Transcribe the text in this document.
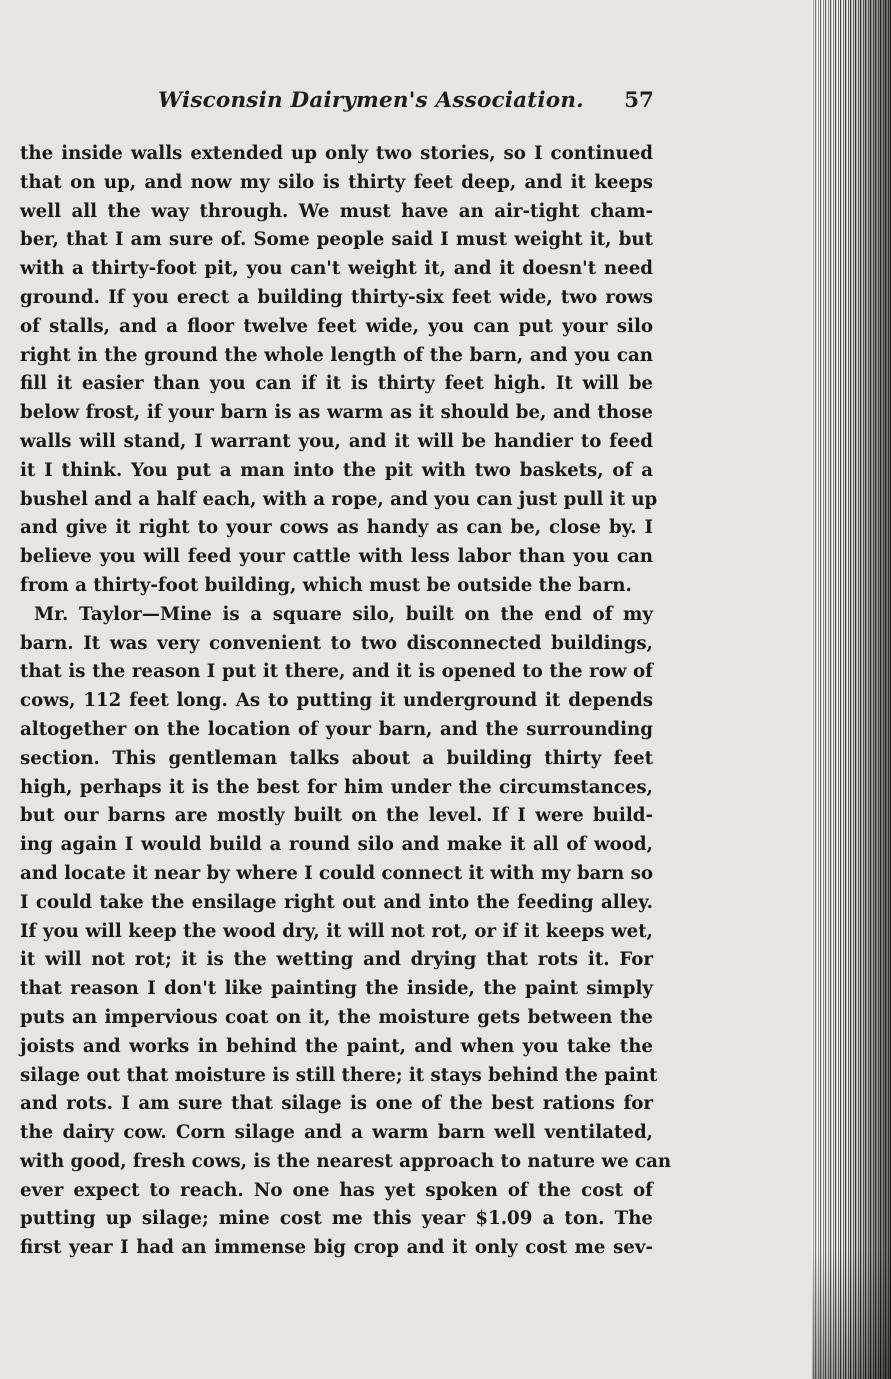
Wisconsin Dairymen's Association. 57
the inside walls extended up only two stories, so I continued
that on up, and now my silo is thirty feet deep, and it keeps
well all the way through. We must have an air-tight cham-
ber, that I am sure of. Some people said I must weight it, but
with a thirty-foot pit, you can't weight it, and it doesn't need
ground. If you erect a building thirty-six feet wide, two rows
of stalls, and a floor twelve feet wide, you can put your silo
right in the ground the whole length of the barn, and you can
fill it easier than you can if it is thirty feet high. It will be
below frost, if your barn is as warm as it should be, and those
walls will stand, I warrant you, and it will be handier to feed
it I think. You put a man into the pit with two baskets, of a
bushel and a half each, with a rope, and you can just pull it up
and give it right to your cows as handy as can be, close by. I
believe you will feed your cattle with less labor than you can
from a thirty-foot building, which must be outside the barn.
Mr. Taylor—Mine is a square silo, built on the end of my
barn. It was very convenient to two disconnected buildings,
that is the reason I put it there, and it is opened to the row of
cows, 112 feet long. As to putting it underground it depends
altogether on the location of your barn, and the surrounding
section. This gentleman talks about a building thirty feet
high, perhaps it is the best for him under the circumstances,
but our barns are mostly built on the level. If I were build-
ing again I would build a round silo and make it all of wood,
and locate it near by where I could connect it with my barn so
I could take the ensilage right out and into the feeding alley.
If you will keep the wood dry, it will not rot, or if it keeps wet,
it will not rot; it is the wetting and drying that rots it. For
that reason I don't like painting the inside, the paint simply
puts an impervious coat on it, the moisture gets between the
joists and works in behind the paint, and when you take the
silage out that moisture is still there; it stays behind the paint
and rots. I am sure that silage is one of the best rations for
the dairy cow. Corn silage and a warm barn well ventilated,
with good, fresh cows, is the nearest approach to nature we can
ever expect to reach. No one has yet spoken of the cost of
putting up silage; mine cost me this year $1.09 a ton. The
first year I had an immense big crop and it only cost me sev-
